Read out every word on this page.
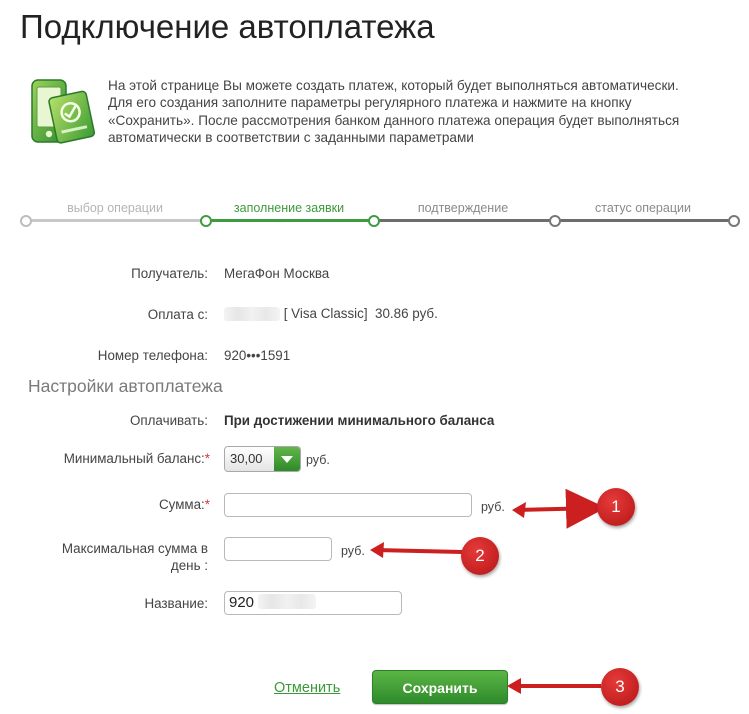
Подключение автоплатежа
На этой странице Вы можете создать платеж, который будет выполняться автоматически. Для его создания заполните параметры регулярного платежа и нажмите на кнопку «Сохранить». После рассмотрения банком данного платежа операция будет выполняться автоматически в соответствии с заданными параметрами
выбор операции	заполнение заявки	подтверждение	статус операции
Получатель: МегаФон Москва
Оплата с:	[ Visa Classic] 30.86 руб.
Номер телефона: 920•••1591
Настройки автоплатежа
Оплачивать: При достижении минимального баланса
Минимальный баланс:*	30,00	руб.
Сумма:*	руб.
Максимальная сумма в
день :
руб.
Название:	920
Отменить	Сохранить
1
2
3
